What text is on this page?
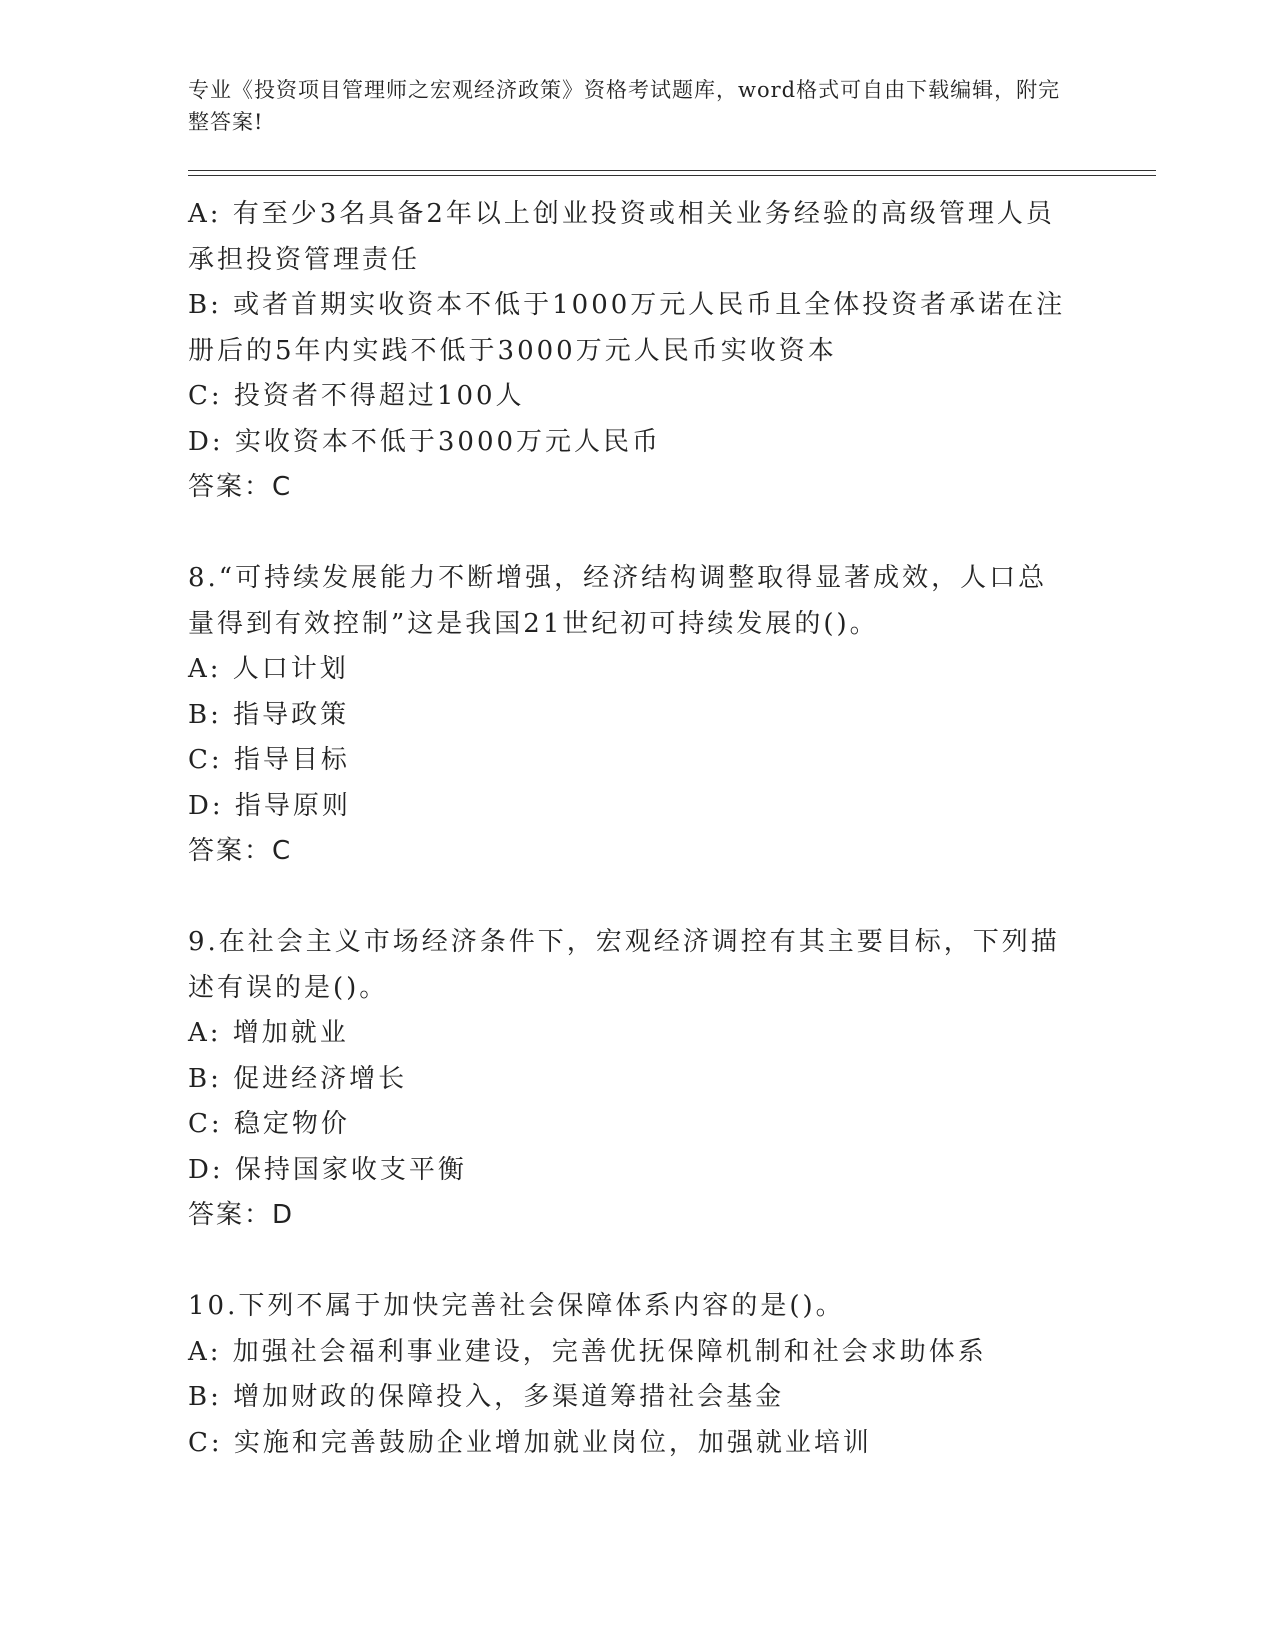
专业《投资项目管理师之宏观经济政策》资格考试题库，word格式可自由下载编辑，附完整答案!
A: 有至少3名具备2年以上创业投资或相关业务经验的高级管理人员
承担投资管理责任
B: 或者首期实收资本不低于1000万元人民币且全体投资者承诺在注
册后的5年内实践不低于3000万元人民币实收资本
C: 投资者不得超过100人
D: 实收资本不低于3000万元人民币
答案：C
8.“可持续发展能力不断增强，经济结构调整取得显著成效，人口总
量得到有效控制”这是我国21世纪初可持续发展的()。
A: 人口计划
B: 指导政策
C: 指导目标
D: 指导原则
答案：C
9.在社会主义市场经济条件下，宏观经济调控有其主要目标，下列描
述有误的是()。
A: 增加就业
B: 促进经济增长
C: 稳定物价
D: 保持国家收支平衡
答案：D
10.下列不属于加快完善社会保障体系内容的是()。
A: 加强社会福利事业建设，完善优抚保障机制和社会求助体系
B: 增加财政的保障投入，多渠道筹措社会基金
C: 实施和完善鼓励企业增加就业岗位，加强就业培训
